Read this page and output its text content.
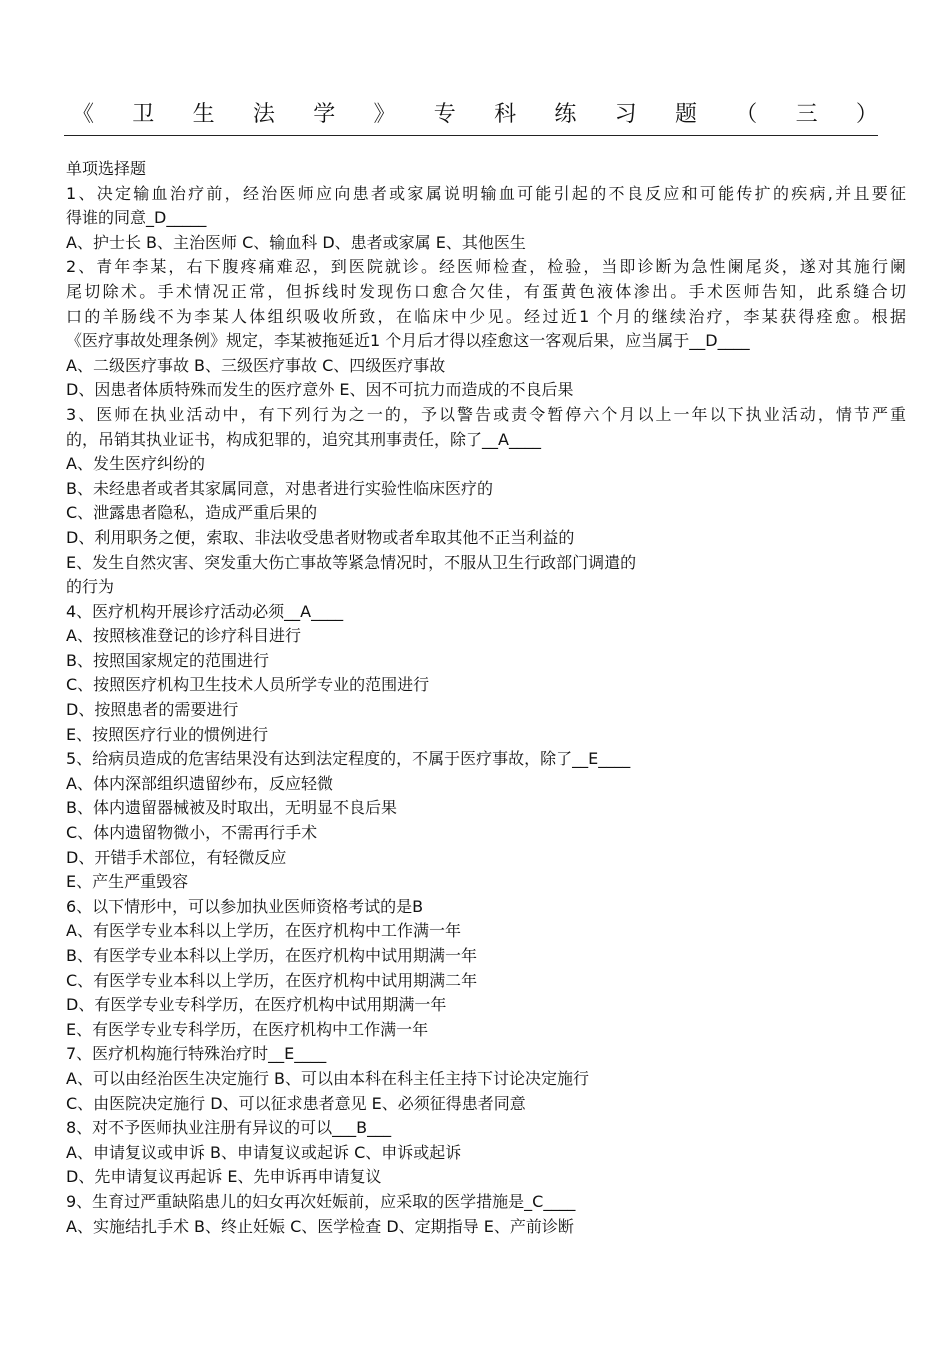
《 卫 生 法 学 》 专 科 练 习 题 （ 三 ）
单项选择题
1、决定输血治疗前，经治医师应向患者或家属说明输血可能引起的不良反应和可能传扩的疾病,并且要征
得谁的同意_D_____
A、护士长 B、主治医师 C、输血科 D、患者或家属 E、其他医生
2、青年李某，右下腹疼痛难忍，到医院就诊。经医师检查，检验，当即诊断为急性阑尾炎，遂对其施行阑
尾切除术。手术情况正常，但拆线时发现伤口愈合欠佳，有蛋黄色液体渗出。手术医师告知，此系缝合切
口的羊肠线不为李某人体组织吸收所致，在临床中少见。经过近1 个月的继续治疗，李某获得痊愈。根据
《医疗事故处理条例》规定，李某被拖延近1 个月后才得以痊愈这一客观后果，应当属于__D____
A、二级医疗事故 B、三级医疗事故 C、四级医疗事故
D、因患者体质特殊而发生的医疗意外 E、因不可抗力而造成的不良后果
3、医师在执业活动中，有下列行为之一的，予以警告或责令暂停六个月以上一年以下执业活动，情节严重
的，吊销其执业证书，构成犯罪的，追究其刑事责任，除了__A____
A、发生医疗纠纷的
B、未经患者或者其家属同意，对患者进行实验性临床医疗的
C、泄露患者隐私，造成严重后果的
D、利用职务之便，索取、非法收受患者财物或者牟取其他不正当利益的
E、发生自然灾害、突发重大伤亡事故等紧急情况时，不服从卫生行政部门调遣的
的行为
4、医疗机构开展诊疗活动必须__A____
A、按照核准登记的诊疗科目进行
B、按照国家规定的范围进行
C、按照医疗机构卫生技术人员所学专业的范围进行
D、按照患者的需要进行
E、按照医疗行业的惯例进行
5、给病员造成的危害结果没有达到法定程度的，不属于医疗事故，除了__E____
A、体内深部组织遗留纱布，反应轻微
B、体内遗留器械被及时取出，无明显不良后果
C、体内遗留物微小，不需再行手术
D、开错手术部位，有轻微反应
E、产生严重毁容
6、以下情形中，可以参加执业医师资格考试的是B
A、有医学专业本科以上学历，在医疗机构中工作满一年
B、有医学专业本科以上学历，在医疗机构中试用期满一年
C、有医学专业本科以上学历，在医疗机构中试用期满二年
D、有医学专业专科学历，在医疗机构中试用期满一年
E、有医学专业专科学历，在医疗机构中工作满一年
7、医疗机构施行特殊治疗时__E____
A、可以由经治医生决定施行 B、可以由本科在科主任主持下讨论决定施行
C、由医院决定施行 D、可以征求患者意见 E、必须征得患者同意
8、对不予医师执业注册有异议的可以___B___
A、申请复议或申诉 B、申请复议或起诉 C、申诉或起诉
D、先申请复议再起诉 E、先申诉再申请复议
9、生育过严重缺陷患儿的妇女再次妊娠前，应采取的医学措施是_C____
A、实施结扎手术 B、终止妊娠 C、医学检查 D、定期指导 E、产前诊断
